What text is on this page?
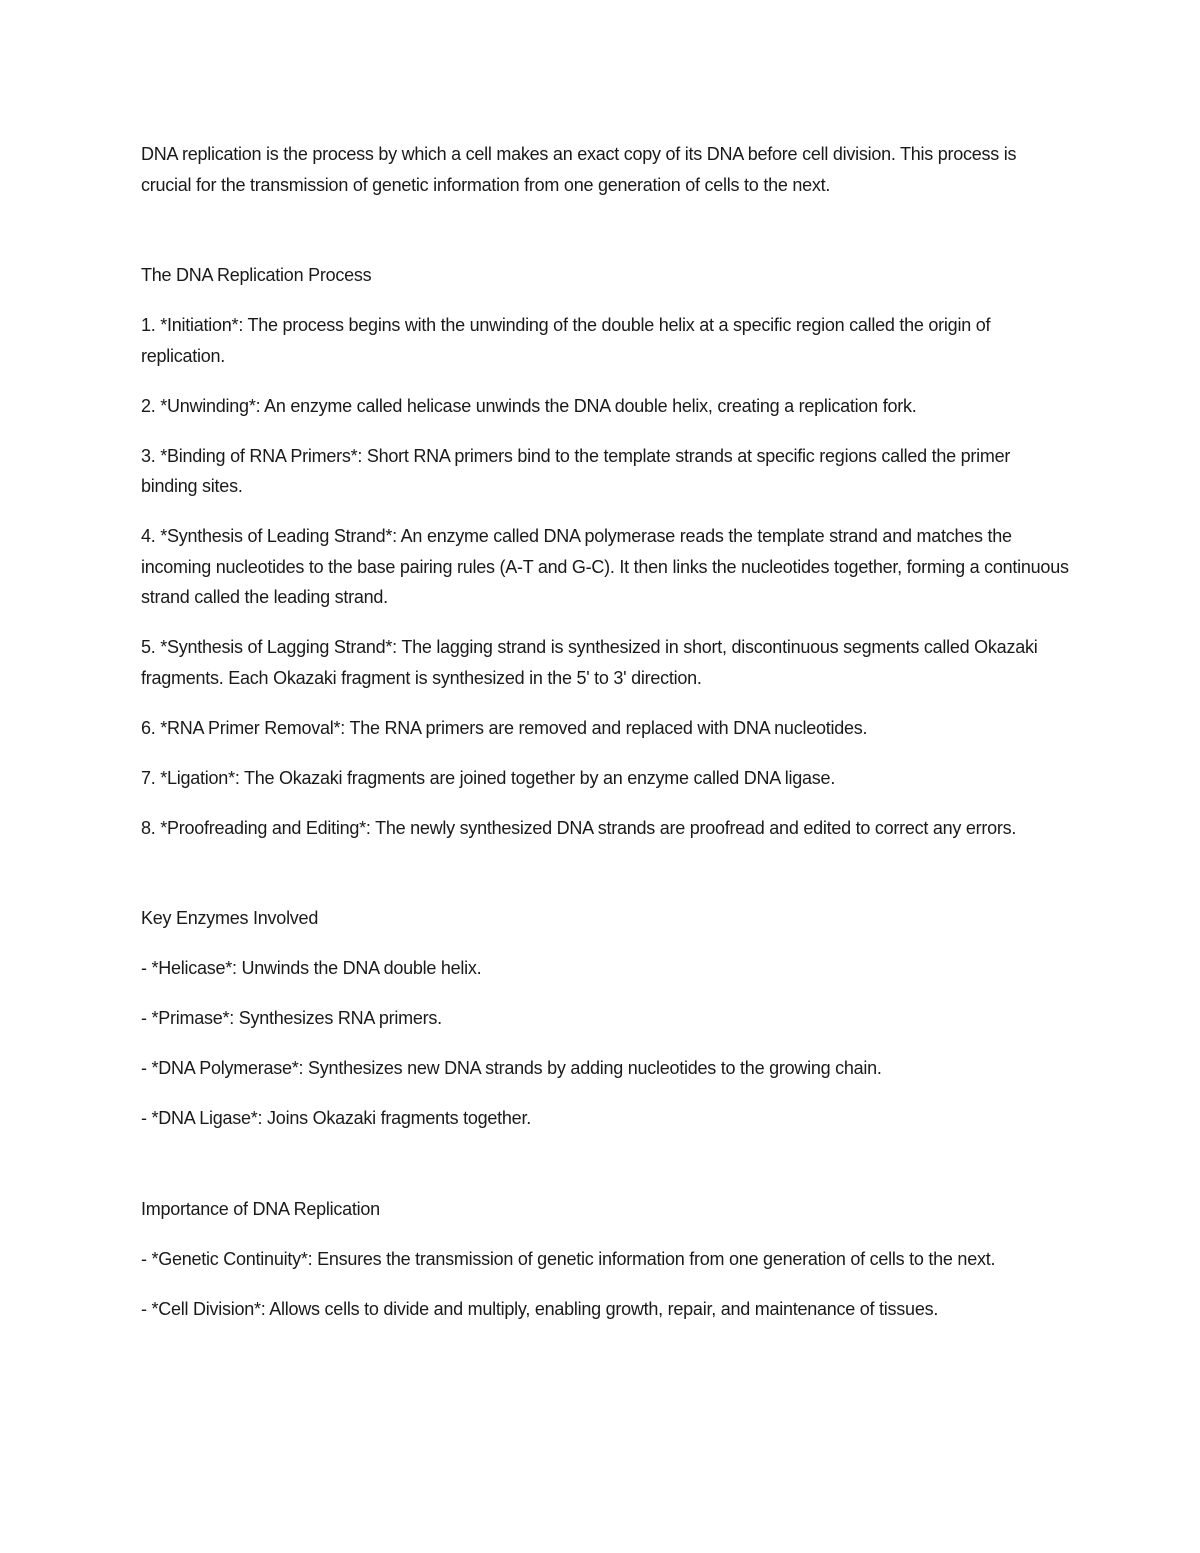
DNA replication is the process by which a cell makes an exact copy of its DNA before cell division. This process is crucial for the transmission of genetic information from one generation of cells to the next.

The DNA Replication Process

1. *Initiation*: The process begins with the unwinding of the double helix at a specific region called the origin of replication.

2. *Unwinding*: An enzyme called helicase unwinds the DNA double helix, creating a replication fork.

3. *Binding of RNA Primers*: Short RNA primers bind to the template strands at specific regions called the primer binding sites.

4. *Synthesis of Leading Strand*: An enzyme called DNA polymerase reads the template strand and matches the incoming nucleotides to the base pairing rules (A-T and G-C). It then links the nucleotides together, forming a continuous strand called the leading strand.

5. *Synthesis of Lagging Strand*: The lagging strand is synthesized in short, discontinuous segments called Okazaki fragments. Each Okazaki fragment is synthesized in the 5' to 3' direction.

6. *RNA Primer Removal*: The RNA primers are removed and replaced with DNA nucleotides.

7. *Ligation*: The Okazaki fragments are joined together by an enzyme called DNA ligase.

8. *Proofreading and Editing*: The newly synthesized DNA strands are proofread and edited to correct any errors.

Key Enzymes Involved

- *Helicase*: Unwinds the DNA double helix.

- *Primase*: Synthesizes RNA primers.

- *DNA Polymerase*: Synthesizes new DNA strands by adding nucleotides to the growing chain.

- *DNA Ligase*: Joins Okazaki fragments together.

Importance of DNA Replication

- *Genetic Continuity*: Ensures the transmission of genetic information from one generation of cells to the next.

- *Cell Division*: Allows cells to divide and multiply, enabling growth, repair, and maintenance of tissues.
